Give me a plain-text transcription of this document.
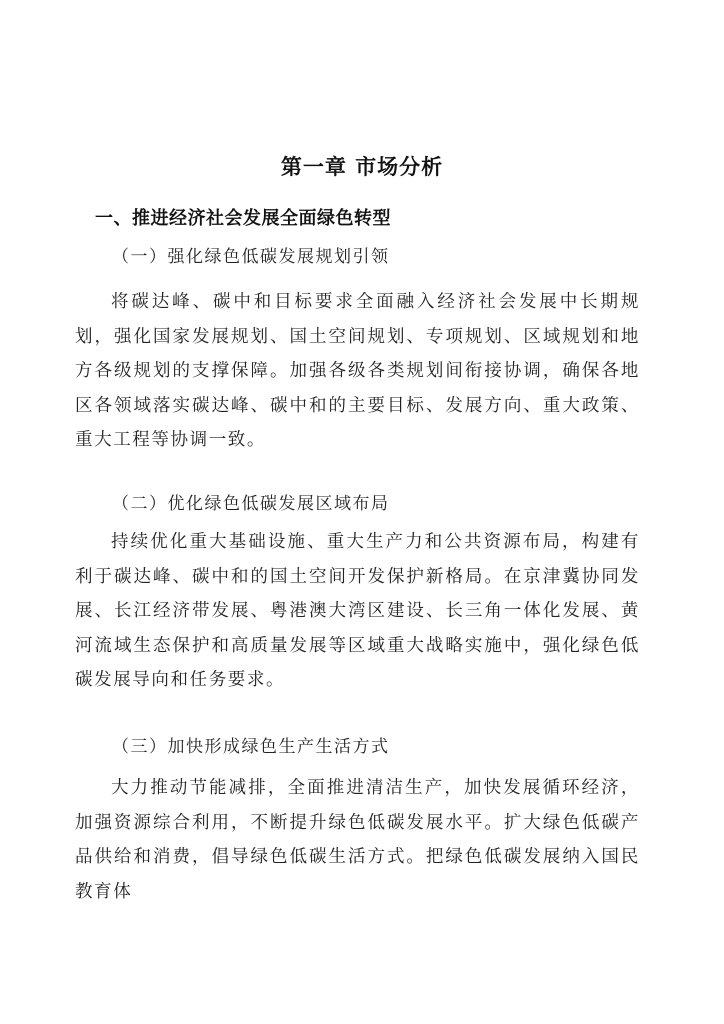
第一章 市场分析
一、推进经济社会发展全面绿色转型
（一）强化绿色低碳发展规划引领

将碳达峰、碳中和目标要求全面融入经济社会发展中长期规划，强化国家发展规划、国土空间规划、专项规划、区域规划和地方各级规划的支撑保障。加强各级各类规划间衔接协调，确保各地区各领域落实碳达峰、碳中和的主要目标、发展方向、重大政策、重大工程等协调一致。

（二）优化绿色低碳发展区域布局

持续优化重大基础设施、重大生产力和公共资源布局，构建有利于碳达峰、碳中和的国土空间开发保护新格局。在京津冀协同发展、长江经济带发展、粤港澳大湾区建设、长三角一体化发展、黄河流域生态保护和高质量发展等区域重大战略实施中，强化绿色低碳发展导向和任务要求。

（三）加快形成绿色生产生活方式

大力推动节能减排，全面推进清洁生产，加快发展循环经济，加强资源综合利用，不断提升绿色低碳发展水平。扩大绿色低碳产品供给和消费，倡导绿色低碳生活方式。把绿色低碳发展纳入国民教育体
